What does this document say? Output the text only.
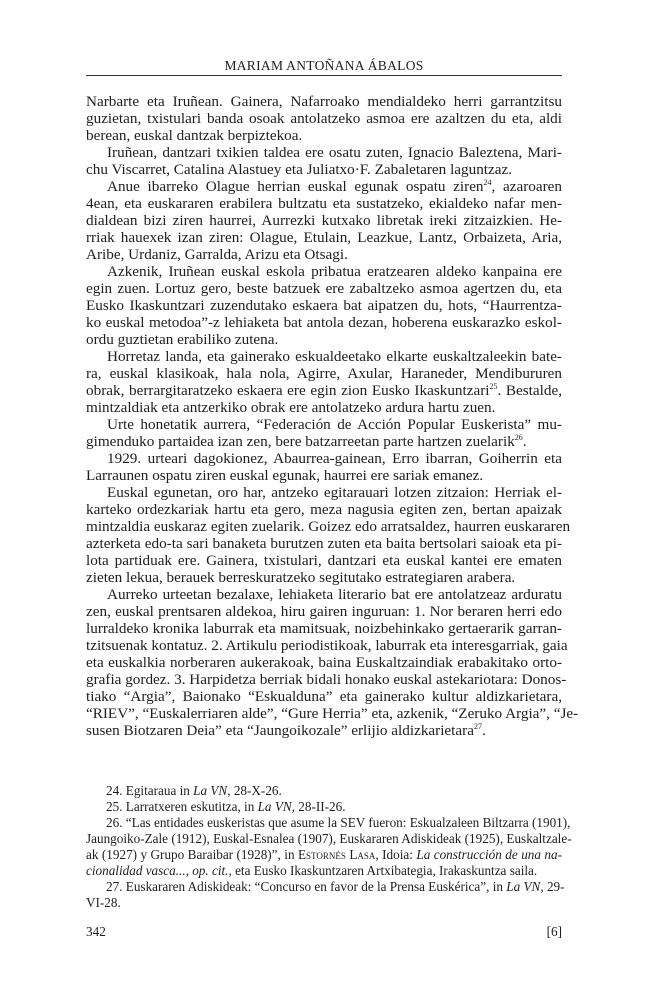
MARIAM ANTOÑANA ÁBALOS
Narbarte eta Iruñean. Gainera, Nafarroako mendialdeko herri garrantzitsu
guzietan, txistulari banda osoak antolatzeko asmoa ere azaltzen du eta, aldi
berean, euskal dantzak berpiztekoa.
Iruñean, dantzari txikien taldea ere osatu zuten, Ignacio Baleztena, Mari-
chu Viscarret, Catalina Alastuey eta Juliatxo·F. Zabaletaren laguntzaz.
Anue ibarreko Olague herrian euskal egunak ospatu ziren$^{24}$, azaroaren
4ean, eta euskararen erabilera bultzatu eta sustatzeko, ekialdeko nafar men-
dialdean bizi ziren haurrei, Aurrezki kutxako libretak ireki zitzaizkien. He-
rriak hauexek izan ziren: Olague, Etulain, Leazkue, Lantz, Orbaizeta, Aria,
Aribe, Urdaniz, Garralda, Arizu eta Otsagi.
Azkenik, Iruñean euskal eskola pribatua eratzearen aldeko kanpaina ere
egin zuen. Lortuz gero, beste batzuek ere zabaltzeko asmoa agertzen du, eta
Eusko Ikaskuntzari zuzendutako eskaera bat aipatzen du, hots, “Haurrentza-
ko euskal metodoa”-z lehiaketa bat antola dezan, hoberena euskarazko eskol-
ordu guztietan erabiliko zutena.
Horretaz landa, eta gainerako eskualdeetako elkarte euskaltzaleekin bate-
ra, euskal klasikoak, hala nola, Agirre, Axular, Haraneder, Mendibururen
obrak, berrargitaratzeko eskaera ere egin zion Eusko Ikaskuntzari$^{25}$. Bestalde,
mintzaldiak eta antzerkiko obrak ere antolatzeko ardura hartu zuen.
Urte honetatik aurrera, “Federación de Acción Popular Euskerista” mu-
gimenduko partaidea izan zen, bere batzarreetan parte hartzen zuelarik$^{26}$.
1929. urteari dagokionez, Abaurrea-gainean, Erro ibarran, Goiherrin eta
Larraunen ospatu ziren euskal egunak, haurrei ere sariak emanez.
Euskal egunetan, oro har, antzeko egitarauari lotzen zitzaion: Herriak el-
karteko ordezkariak hartu eta gero, meza nagusia egiten zen, bertan apaizak
mintzaldia euskaraz egiten zuelarik. Goizez edo arratsaldez, haurren euskararen
azterketa edo-ta sari banaketa burutzen zuten eta baita bertsolari saioak eta pi-
lota partiduak ere. Gainera, txistulari, dantzari eta euskal kantei ere ematen
zieten lekua, berauek berreskuratzeko segitutako estrategiaren arabera.
Aurreko urteetan bezalaxe, lehiaketa literario bat ere antolatzeaz arduratu
zen, euskal prentsaren aldekoa, hiru gairen inguruan: 1. Nor beraren herri edo
lurraldeko kronika laburrak eta mamitsuak, noizbehinkako gertaerarik garran-
tzitsuenak kontatuz. 2. Artikulu periodistikoak, laburrak eta interesgarriak, gaia
eta euskalkia norberaren aukerakoak, baina Euskaltzaindiak erabakitako orto-
grafia gordez. 3. Harpidetza berriak bidali honako euskal astekariotara: Donos-
tiako “Argia”, Baionako “Eskualduna” eta gainerako kultur aldizkarietara,
“RIEV”, “Euskalerriaren alde”, “Gure Herria” eta, azkenik, “Zeruko Argia”, “Je-
susen Biotzaren Deia” eta “Jaungoikozale” erlijio aldizkarietara$^{27}$.
24. Egitaraua in La VN, 28-X-26.
25. Larratxeren eskutitza, in La VN, 28-II-26.
26. “Las entidades euskeristas que asume la SEV fueron: Eskualzaleen Biltzarra (1901),
Jaungoiko-Zale (1912), Euskal-Esnalea (1907), Euskararen Adiskideak (1925), Euskaltzale-
ak (1927) y Grupo Baraibar (1928)”, in Estornés Lasa, Idoia: La construcción de una na-
cionalidad vasca..., op. cit., eta Eusko Ikaskuntzaren Artxibategia, Irakaskuntza saila.
27. Euskararen Adiskideak: “Concurso en favor de la Prensa Euskérica”, in La VN, 29-
VI-28.
342	[6]
